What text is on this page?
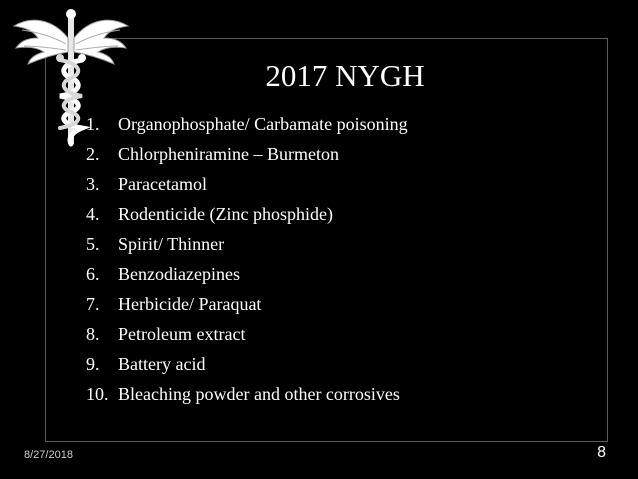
2017 NYGH
1.	Organophosphate/ Carbamate poisoning
2.	Chlorpheniramine – Burmeton
3.	Paracetamol
4.	Rodenticide (Zinc phosphide)
5.	Spirit/ Thinner
6.	Benzodiazepines
7.	Herbicide/ Paraquat
8.	Petroleum extract
9.	Battery acid
10. Bleaching powder and other corrosives
8/27/2018	8
